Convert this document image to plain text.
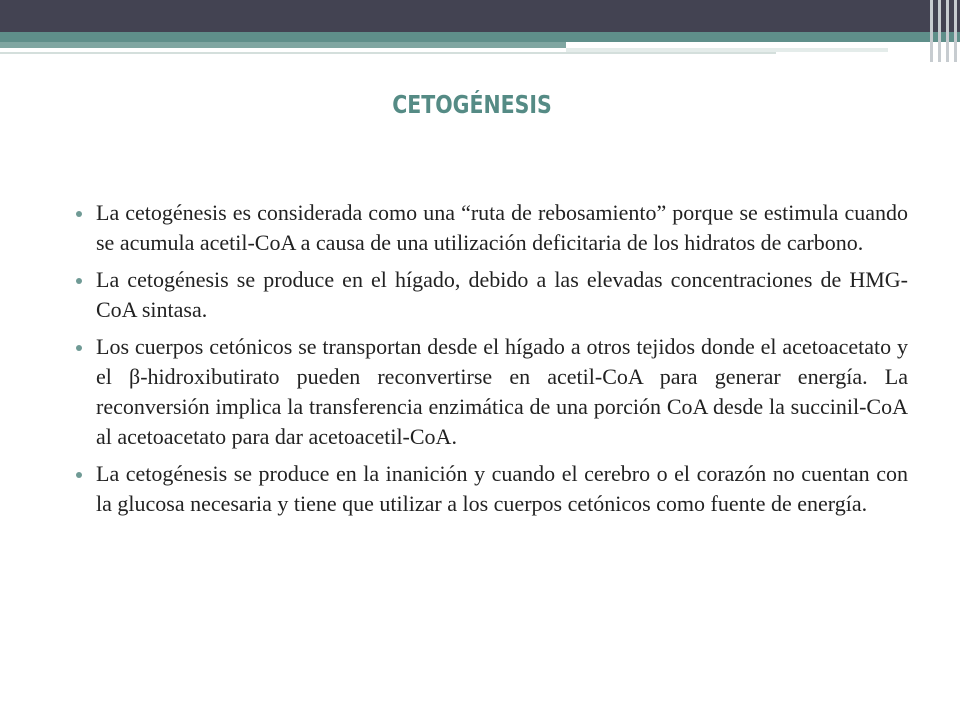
CETOGÉNESIS
La cetogénesis es considerada como una “ruta de rebosamiento” porque se estimula cuando se acumula acetil-CoA a causa de una utilización deficitaria de los hidratos de carbono.
La cetogénesis se produce en el hígado, debido a las elevadas concentraciones de HMG-CoA sintasa.
Los cuerpos cetónicos se transportan desde el hígado a otros tejidos donde el acetoacetato y el β-hidroxibutirato pueden reconvertirse en acetil-CoA para generar energía. La reconversión implica la transferencia enzimática de una porción CoA desde la succinil-CoA al acetoacetato para dar acetoacetil-CoA.
La cetogénesis se produce en la inanición y cuando el cerebro o el corazón no cuentan con la glucosa necesaria y tiene que utilizar a los cuerpos cetónicos como fuente de energía.
